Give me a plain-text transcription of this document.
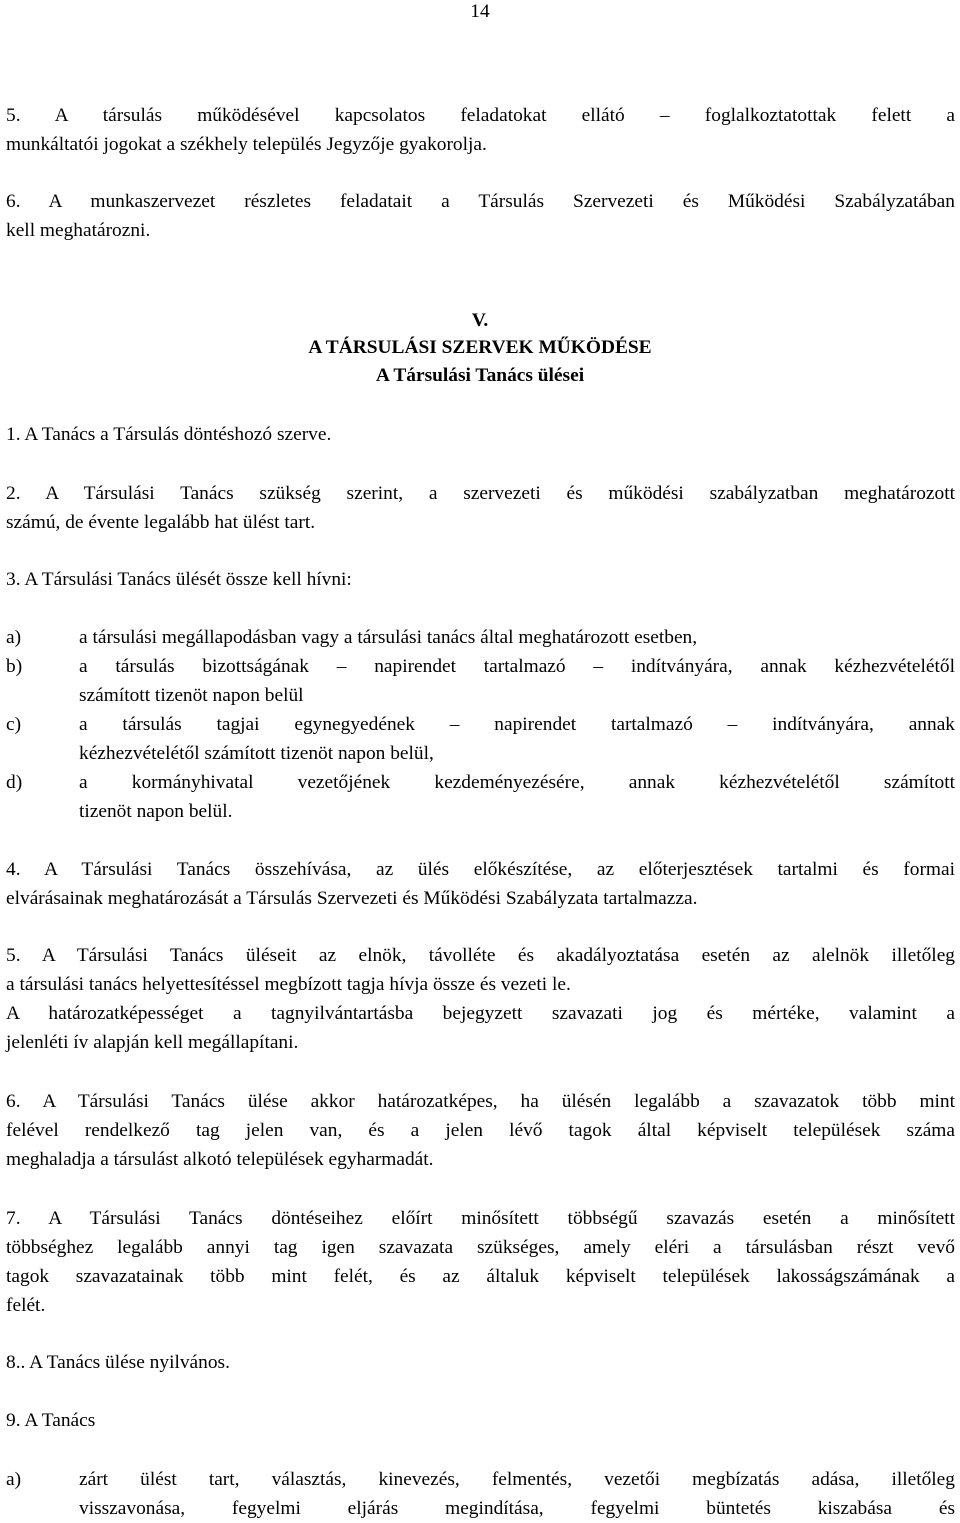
14
5. A társulás működésével kapcsolatos feladatokat ellátó – foglalkoztatottak felett a
munkáltatói jogokat a székhely település Jegyzője gyakorolja.
6. A munkaszervezet részletes feladatait a Társulás Szervezeti és Működési Szabályzatában
kell meghatározni.
V.
A TÁRSULÁSI SZERVEK MŰKÖDÉSE
A Társulási Tanács ülései
1. A Tanács a Társulás döntéshozó szerve.
2. A Társulási Tanács szükség szerint, a szervezeti és működési szabályzatban meghatározott
számú, de évente legalább hat ülést tart.
3. A Társulási Tanács ülését össze kell hívni:
a)	a társulási megállapodásban vagy a társulási tanács által meghatározott esetben,
b)	a társulás bizottságának – napirendet tartalmazó – indítványára, annak kézhezvételétől
számított tizenöt napon belül
c)	a társulás tagjai egynegyedének – napirendet tartalmazó – indítványára, annak
kézhezvételétől számított tizenöt napon belül,
d)	a kormányhivatal vezetőjének kezdeményezésére, annak kézhezvételétől számított
tizenöt napon belül.
4. A Társulási Tanács összehívása, az ülés előkészítése, az előterjesztések tartalmi és formai
elvárásainak meghatározását a Társulás Szervezeti és Működési Szabályzata tartalmazza.
5. A Társulási Tanács üléseit az elnök, távolléte és akadályoztatása esetén az alelnök illetőleg
a társulási tanács helyettesítéssel megbízott tagja hívja össze és vezeti le.
A határozatképességet a tagnyilvántartásba bejegyzett szavazati jog és mértéke, valamint a
jelenléti ív alapján kell megállapítani.
6. A Társulási Tanács ülése akkor határozatképes, ha ülésén legalább a szavazatok több mint
felével rendelkező tag jelen van, és a jelen lévő tagok által képviselt települések száma
meghaladja a társulást alkotó települések egyharmadát.
7. A Társulási Tanács döntéseihez előírt minősített többségű szavazás esetén a minősített
többséghez legalább annyi tag igen szavazata szükséges, amely eléri a társulásban részt vevő
tagok szavazatainak több mint felét, és az általuk képviselt települések lakosságszámának a
felét.
8.. A Tanács ülése nyilvános.
9. A Tanács
a)	zárt ülést tart, választás, kinevezés, felmentés, vezetői megbízatás adása, illetőleg
visszavonása, fegyelmi eljárás megindítása, fegyelmi büntetés kiszabása és
